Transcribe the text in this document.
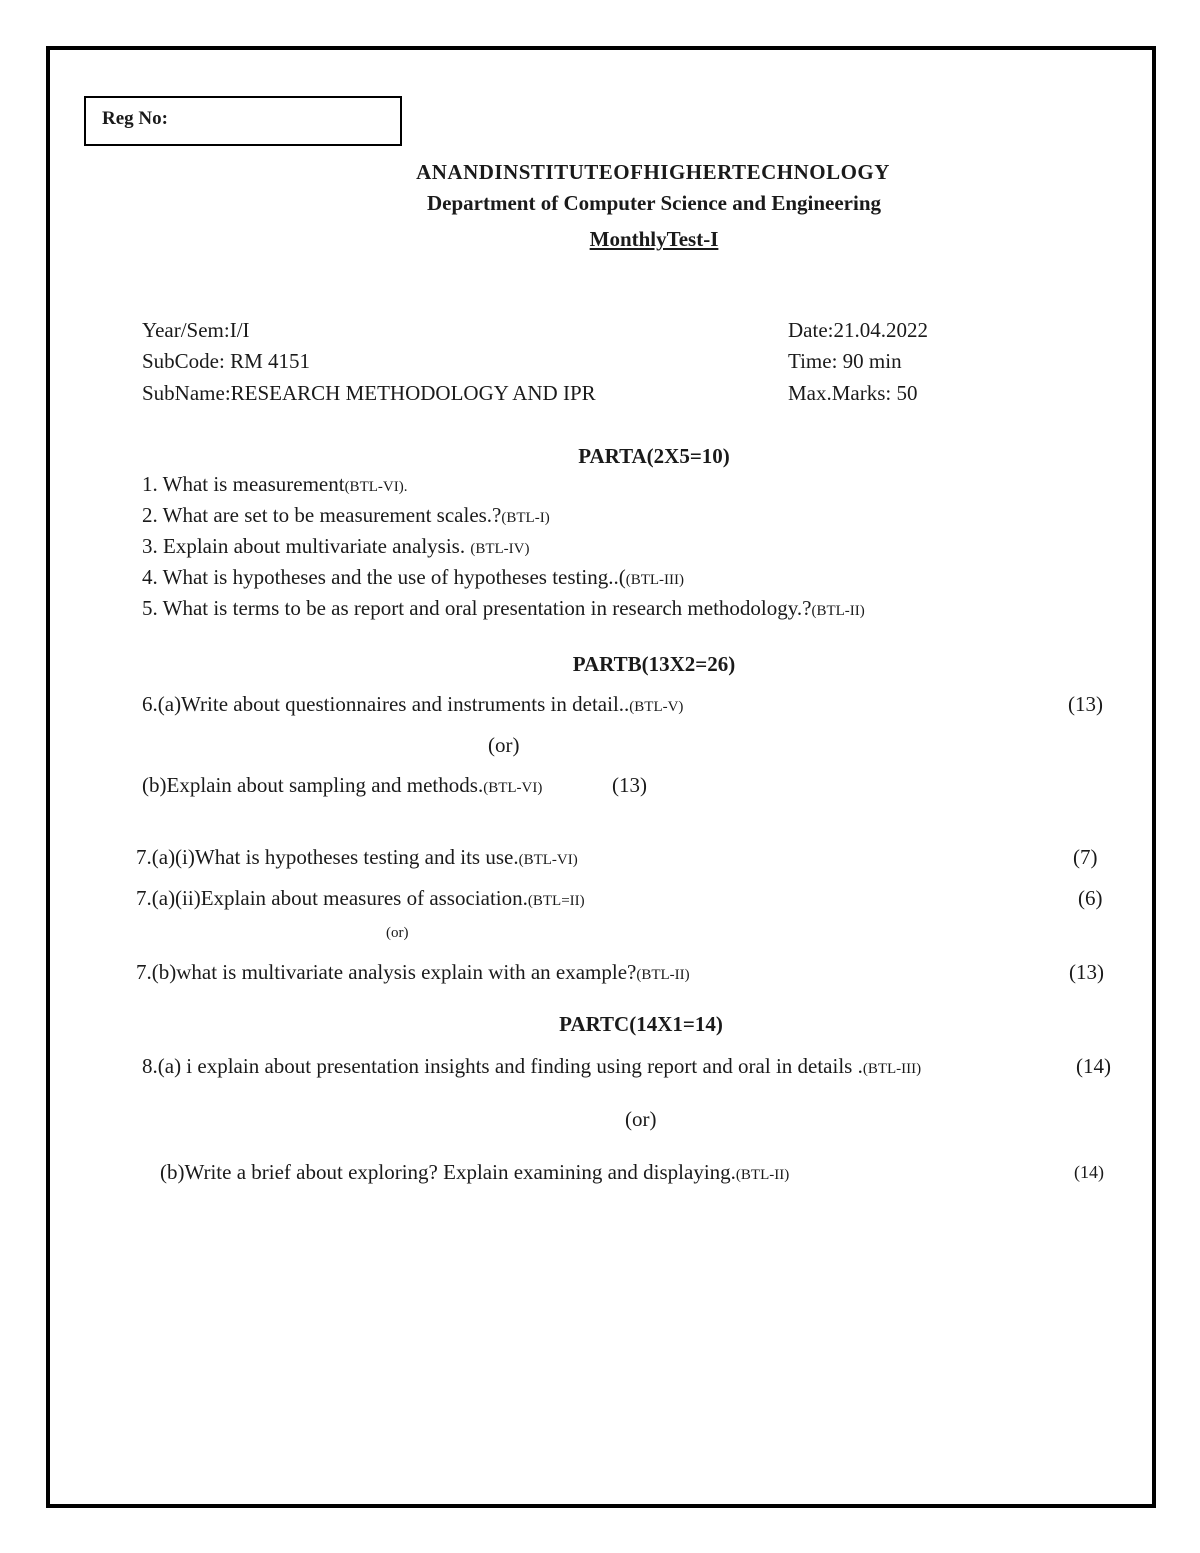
Reg No:
ANANDINSTITUTEOFHIGHERTECHNOLOGY
Department of Computer Science and Engineering
MonthlyTest-I
Year/Sem:I/I
SubCode: RM 4151
SubName:RESEARCH METHODOLOGY AND IPR
Date:21.04.2022
Time: 90 min
Max.Marks: 50
PARTA(2X5=10)
1. What is measurement(BTL-VI).
2. What are set to be measurement scales.?(BTL-I)
3. Explain about multivariate analysis. (BTL-IV)
4. What is hypotheses and the use of hypotheses testing..((BTL-III)
5. What is terms to be as report and oral presentation in research methodology.?(BTL-II)
PARTB(13X2=26)
6.(a)Write about questionnaires and instruments in detail..(BTL-V)	(13)
(or)
(b)Explain about sampling and methods.(BTL-VI)	(13)
7.(a)(i)What is hypotheses testing and its use.(BTL-VI)	(7)
7.(a)(ii)Explain about measures of association.(BTL=II)	(6)
(or)
7.(b)what is multivariate analysis explain with an example?(BTL-II)	(13)
PARTC(14X1=14)
8.(a) i explain about presentation insights and finding using report and oral in details .(BTL-III)	(14)
(or)
(b)Write a brief about exploring? Explain examining and displaying.(BTL-II)	(14)
